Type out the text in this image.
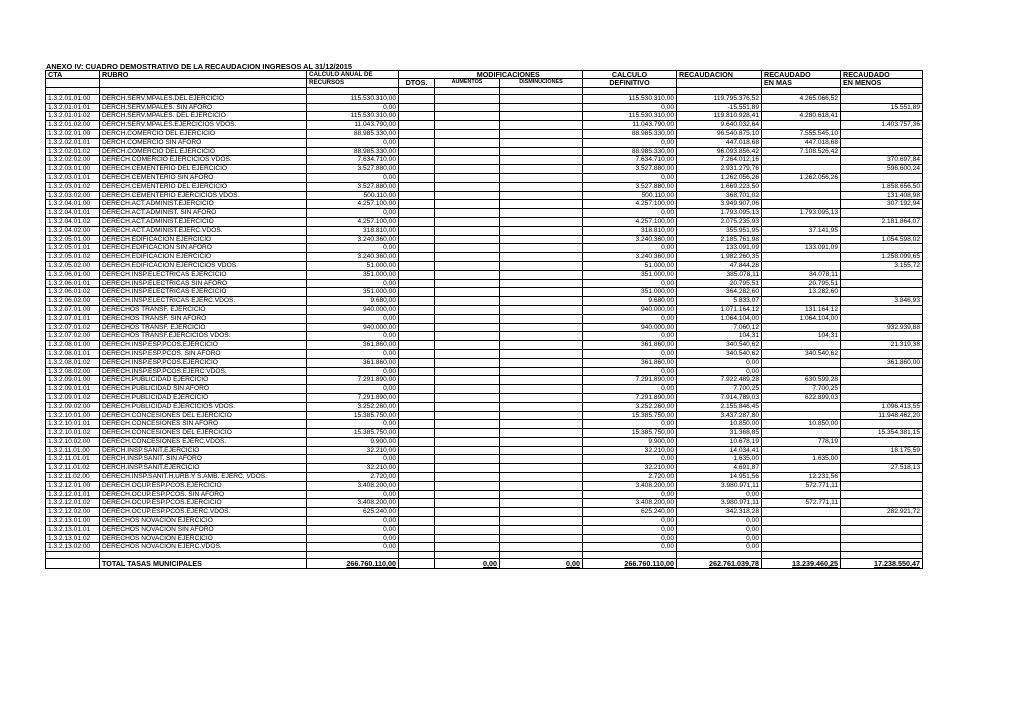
ANEXO IV: CUADRO DEMOSTRATIVO DE LA RECAUDACION INGRESOS AL 31/12/2015
CTA	RUBRO	CALCULO ANUAL DE		MODIFICACIONES		CALCULO	RECAUDACION	RECAUDADO	RECAUDADO
		RECURSOS	DTOS.	AUMENTOS	DISMINUCIONES	DEFINITIVO		EN MAS	EN MENOS

1.3.2.01.01.00	DERCH.SERV.MPALES.DEL EJERCICIO	115.530.310,00				115.530.310,00	119.795.376,52	4.265.066,52	
1.3.2.01.01.01	DERCH.SERV.MPALES. SIN AFORO	0,00				0,00	-15.551,89		15.551,89
1.3.2.01.01.02	DERCH.SERV.MPALES. DEL EJERCICIO	115.530.310,00				115.530.310,00	119.810.928,41	4.280.618,41	
1.3.2.01.02.00	DERCH.SERV.MPALES.EJERCICIOS VDOS.	11.043.790,00				11.043.790,00	9.640.032,64		1.403.757,36
1.3.2.02.01.00	DERCH.COMERCIO DEL EJERCICIO	88.985.330,00				88.985.330,00	96.540.875,10	7.555.545,10	
1.3.2.02.01.01	DERCH.COMERCIO SIN AFORO	0,00				0,00	447.018,68	447.018,68	
1.3.2.02.01.02	DERCH.COMERCIO DEL EJERCICIO	88.985.330,00				88.985.330,00	96.093.856,42	7.108.526,42	
1.3.2.02.02.00	DERECH.COMERCIO EJERCICIOS VDOS.	7.634.710,00				7.634.710,00	7.264.012,16		370.697,84
1.3.2.03.01.00	DERECH.CEMENTERIO DEL EJERCICIO	3.527.880,00				3.527.880,00	2.931.279,76		596.600,24
1.3.2.03.01.01	DERECH.CEMENTERIO SIN AFORO	0,00				0,00	1.262.056,26	1.262.056,26	
1.3.2.03.01.02	DERECH.CEMENTERIO DEL EJERCICIO	3.527.880,00				3.527.880,00	1.669.223,50		1.858.656,50
1.3.2.03.02.00	DERECH.CEMENTERIO EJERCICIOS VDOS.	500.110,00				500.110,00	368.701,02		131.408,98
1.3.2.04.01.00	DERECH.ACT.ADMINIST.EJERCICIO	4.257.100,00				4.257.100,00	3.949.907,06		307.192,94
1.3.2.04.01.01	DERECH.ACT.ADMINIST. SIN AFORO	0,00				0,00	1.793.095,13	1.793.095,13	
1.3.2.04.01.02	DERECH.ACT.ADMINIST.EJERCICIO	4.257.100,00				4.257.100,00	2.075.235,93		2.181.864,07
1.3.2.04.02.00	DERECH.ACT.ADMINIST.EJERC.VDOS.	318.810,00				318.810,00	355.951,95	37.141,95	
1.3.2.05.01.00	DERECH.EDIFICACION EJERCICIO	3.240.360,00				3.240.360,00	2.185.761,98		1.054.598,02
1.3.2.05.01.01	DERECH.EDIFICACION SIN AFORO	0,00				0,00	133.091,09	133.091,09	
1.3.2.05.01.02	DERECH.EDIFICACION EJERCICIO	3.240.360,00				3.240.360,00	1.982.260,35		1.258.099,65
1.3.2.05.02.00	DERECH.EDIFICACION EJERCICIOS VDOS.	51.000,00				51.000,00	47.844,28		3.155,72
1.3.2.06.01.00	DERECH.INSP.ELECTRICAS EJERCICIO	351.000,00				351.000,00	385.078,11	34.078,11	
1.3.2.06.01.01	DERECH.INSP.ELECTRICAS SIN AFORO	0,00				0,00	20.795,51	20.795,51	
1.3.2.06.01.02	DERECH.INSP.ELECTRICAS EJERCICIO	351.000,00				351.000,00	364.282,60	13.282,60	
1.3.2.06.02.00	DERECH.INSP.ELECTRICAS EJERC.VDOS.	9.680,00				9.680,00	5.833,07		3.846,93
1.3.2.07.01.00	DERECHOS TRANSF. EJERCICIO	940.000,00				940.000,00	1.071.164,12	131.164,12	
1.3.2.07.01.01	DERECHOS TRANSF. SIN AFORO	0,00				0,00	1.064.104,00	1.064.104,00	
1.3.2.07.01.02	DERECHOS TRANSF. EJERCICIO	940.000,00				940.000,00	7.060,12		932.939,88
1.3.2.07.02.00	DERECHOS TRANSF.EJERCICIOS VDOS.	0,00				0,00	104,31	104,31	
1.3.2.08.01.00	DERECH.INSP.ESP.PCOS.EJERCICIO	361.860,00				361.860,00	340.540,62		21.319,38
1.3.2.08.01.01	DERECH.INSP.ESP.PCOS. SIN AFORO	0,00				0,00	340.540,62	340.540,62	
1.3.2.08.01.02	DERECH.INSP.ESP.PCOS.EJERCICIO	361.860,00				361.860,00	0,00		361.860,00
1.3.2.08.02.00	DERECH.INSP.ESP.PCOS.EJERC.VDOS.	0,00				0,00	0,00		
1.3.2.09.01.00	DERECH.PUBLICIDAD EJERCICIO	7.291.890,00				7.291.890,00	7.922.489,28	630.599,28	
1.3.2.09.01.01	DERECH.PUBLICIDAD SIN AFORO	0,00				0,00	7.700,25	7.700,25	
1.3.2.09.01.02	DERECH.PUBLICIDAD EJERCICIO	7.291.890,00				7.291.890,00	7.914.789,03	622.899,03	
1.3.2.09.02.00	DERECH.PUBLICIDAD EJERCICIOS VDOS.	3.252.260,00				3.252.260,00	2.155.846,45		1.096.413,55
1.3.2.10.01.00	DERECH.CONCESIONES DEL EJERCICIO	15.385.750,00				15.385.750,00	3.437.287,80		11.948.462,20
1.3.2.10.01.01	DERECH.CONCESIONES SIN AFORO	0,00				0,00	10.850,00	10.850,00	
1.3.2.10.01.02	DERECH.CONCESIONES DEL EJERCICIO	15.385.750,00				15.385.750,00	31.368,85		15.354.381,15
1.3.2.10.02.00	DERECH.CONCESIONES EJERC.VDOS.	9.900,00				9.900,00	10.678,19	778,19	
1.3.2.11.01.00	DERCH.INSP.SANIT.EJERCICIO	32.210,00				32.210,00	14.034,41		18.175,59
1.3.2.11.01.01	DERCH.INSP.SANIT. SIN AFORO	0,00				0,00	1.635,00	1.635,00	
1.3.2.11.01.02	DERCH.INSP.SANIT.EJERCICIO	32.210,00				32.210,00	4.691,87		27.518,13
1.3.2.11.02.00	DERECH.INSP.SANIT.H.URB.Y S.AMB. EJERC. VDOS.	2.720,00				2.720,00	14.951,56	12.231,56	
1.3.2.12.01.00	DERECH.OCUP.ESP.PCOS.EJERCICIO	3.408.200,00				3.408.200,00	3.980.971,11	572.771,11	
1.3.2.12.01.01	DERECH.OCUP.ESP.PCOS. SIN AFORO	0,00				0,00	0,00		
1.3.2.12.01.02	DERECH.OCUP.ESP.PCOS.EJERCICIO	3.408.200,00				3.408.200,00	3.980.971,11	572.771,11	
1.3.2.12.02.00	DERECH.OCUP.ESP.PCOS.EJERC.VDOS.	625.240,00				625.240,00	342.318,28		282.921,72
1.3.2.13.01.00	DERECHOS NOVACION EJERCICIO	0,00				0,00	0,00		
1.3.2.13.01.01	DERECHOS NOVACION SIN AFORO	0,00				0,00	0,00		
1.3.2.13.01.02	DERECHOS NOVACION EJERCICIO	0,00				0,00	0,00		
1.3.2.13.02.00	DERECHOS NOVACION EJERC.VDOS.	0,00				0,00	0,00		

	TOTAL TASAS MUNICIPALES	266.760.110,00		0,00	0,00	266.760.110,00	262.761.039,78	13.239.460,25	17.238.550,47
